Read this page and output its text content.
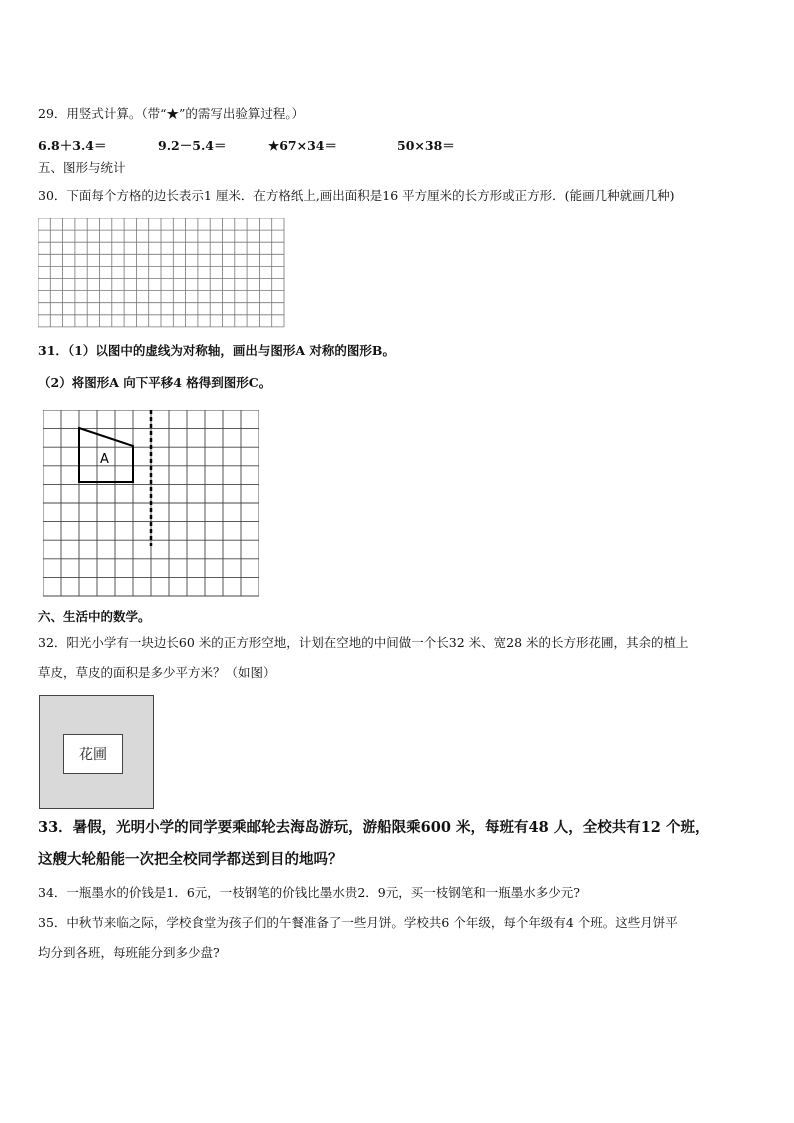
29．用竖式计算。（带“★”的需写出验算过程。）
6.8＋3.4＝	9.2－5.4＝	★67×34＝	50×38＝
五、图形与统计
30．下面每个方格的边长表示1 厘米．在方格纸上,画出面积是16 平方厘米的长方形或正方形．(能画几种就画几种)
31．（1）以图中的虚线为对称轴，画出与图形A 对称的图形B。
（2）将图形A 向下平移4 格得到图形C。
A
六、生活中的数学。
32．阳光小学有一块边长60 米的正方形空地，计划在空地的中间做一个长32 米、宽28 米的长方形花圃，其余的植上
草皮，草皮的面积是多少平方米？（如图）
花圃
33．暑假，光明小学的同学要乘邮轮去海岛游玩，游船限乘600 米，每班有48 人，全校共有12 个班，
这艘大轮船能一次把全校同学都送到目的地吗？
34．一瓶墨水的价钱是1．6元，一枝钢笔的价钱比墨水贵2．9元，买一枝钢笔和一瓶墨水多少元?
35．中秋节来临之际，学校食堂为孩子们的午餐准备了一些月饼。学校共6 个年级，每个年级有4 个班。这些月饼平
均分到各班，每班能分到多少盘?
